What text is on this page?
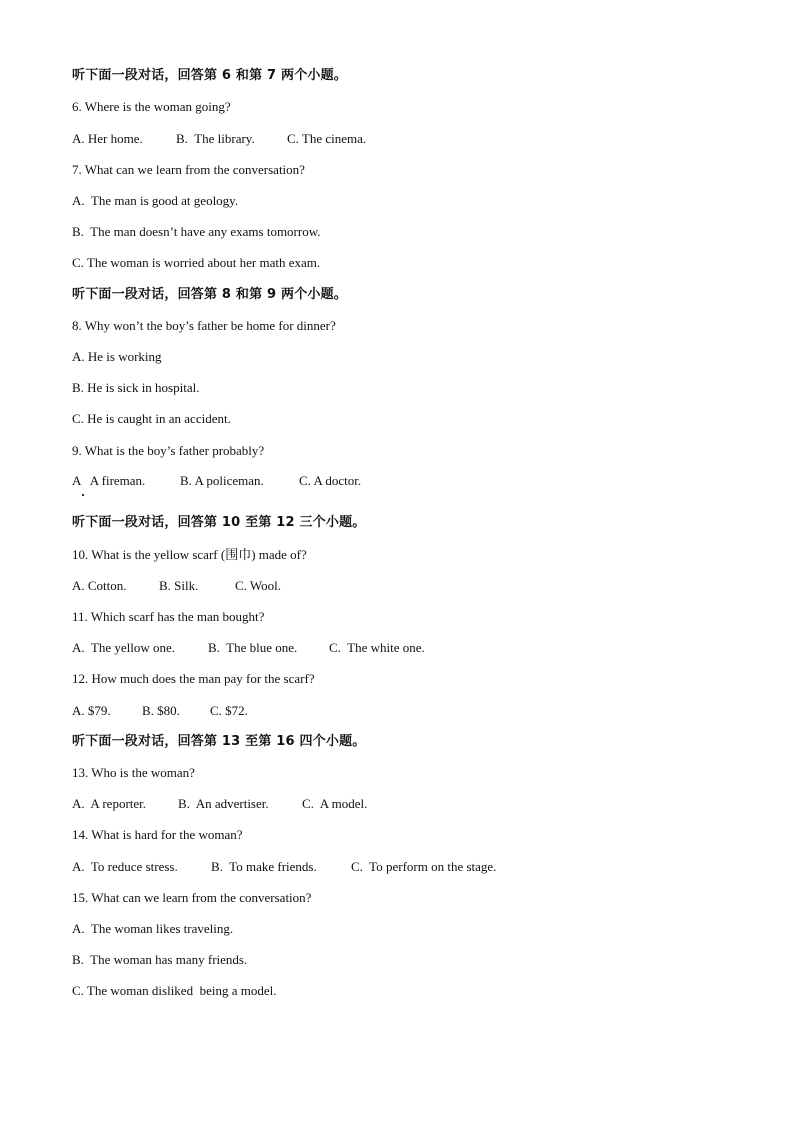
听下面一段对话，回答第 6 和第 7 两个小题。
6. Where is the woman going?
A. Her home.	B.  The library. C. The cinema.
7. What can we learn from the conversation?
A.  The man is good at geology.
B.  The man doesn’t have any exams tomorrow.
C. The woman is worried about her math exam.
听下面一段对话，回答第 8 和第 9 两个小题。
8. Why won’t the boy’s father be home for dinner?
A. He is working
B. He is sick in hospital.
C. He is caught in an accident.
9. What is the boy’s father probably?
A   A fireman.	B. A policeman.	C. A doctor.
听下面一段对话，回答第 10 至第 12 三个小题。
10. What is the yellow scarf (围巾) made of?
A. Cotton. B. Silk.	C. Wool.
11. Which scarf has the man bought?
A.  The yellow one.	B.  The blue one. C.  The white one.
12. How much does the man pay for the scarf?
A. $79. B. $80. C. $72.
听下面一段对话，回答第 13 至第 16 四个小题。
13. Who is the woman?
A.  A reporter. B.  An advertiser.	C.  A model.
14. What is hard for the woman?
A.  To reduce stress.	B.  To make friends.	C.  To perform on the stage.
15. What can we learn from the conversation?
A.  The woman likes traveling.
B.  The woman has many friends.
C. The woman disliked  being a model.
